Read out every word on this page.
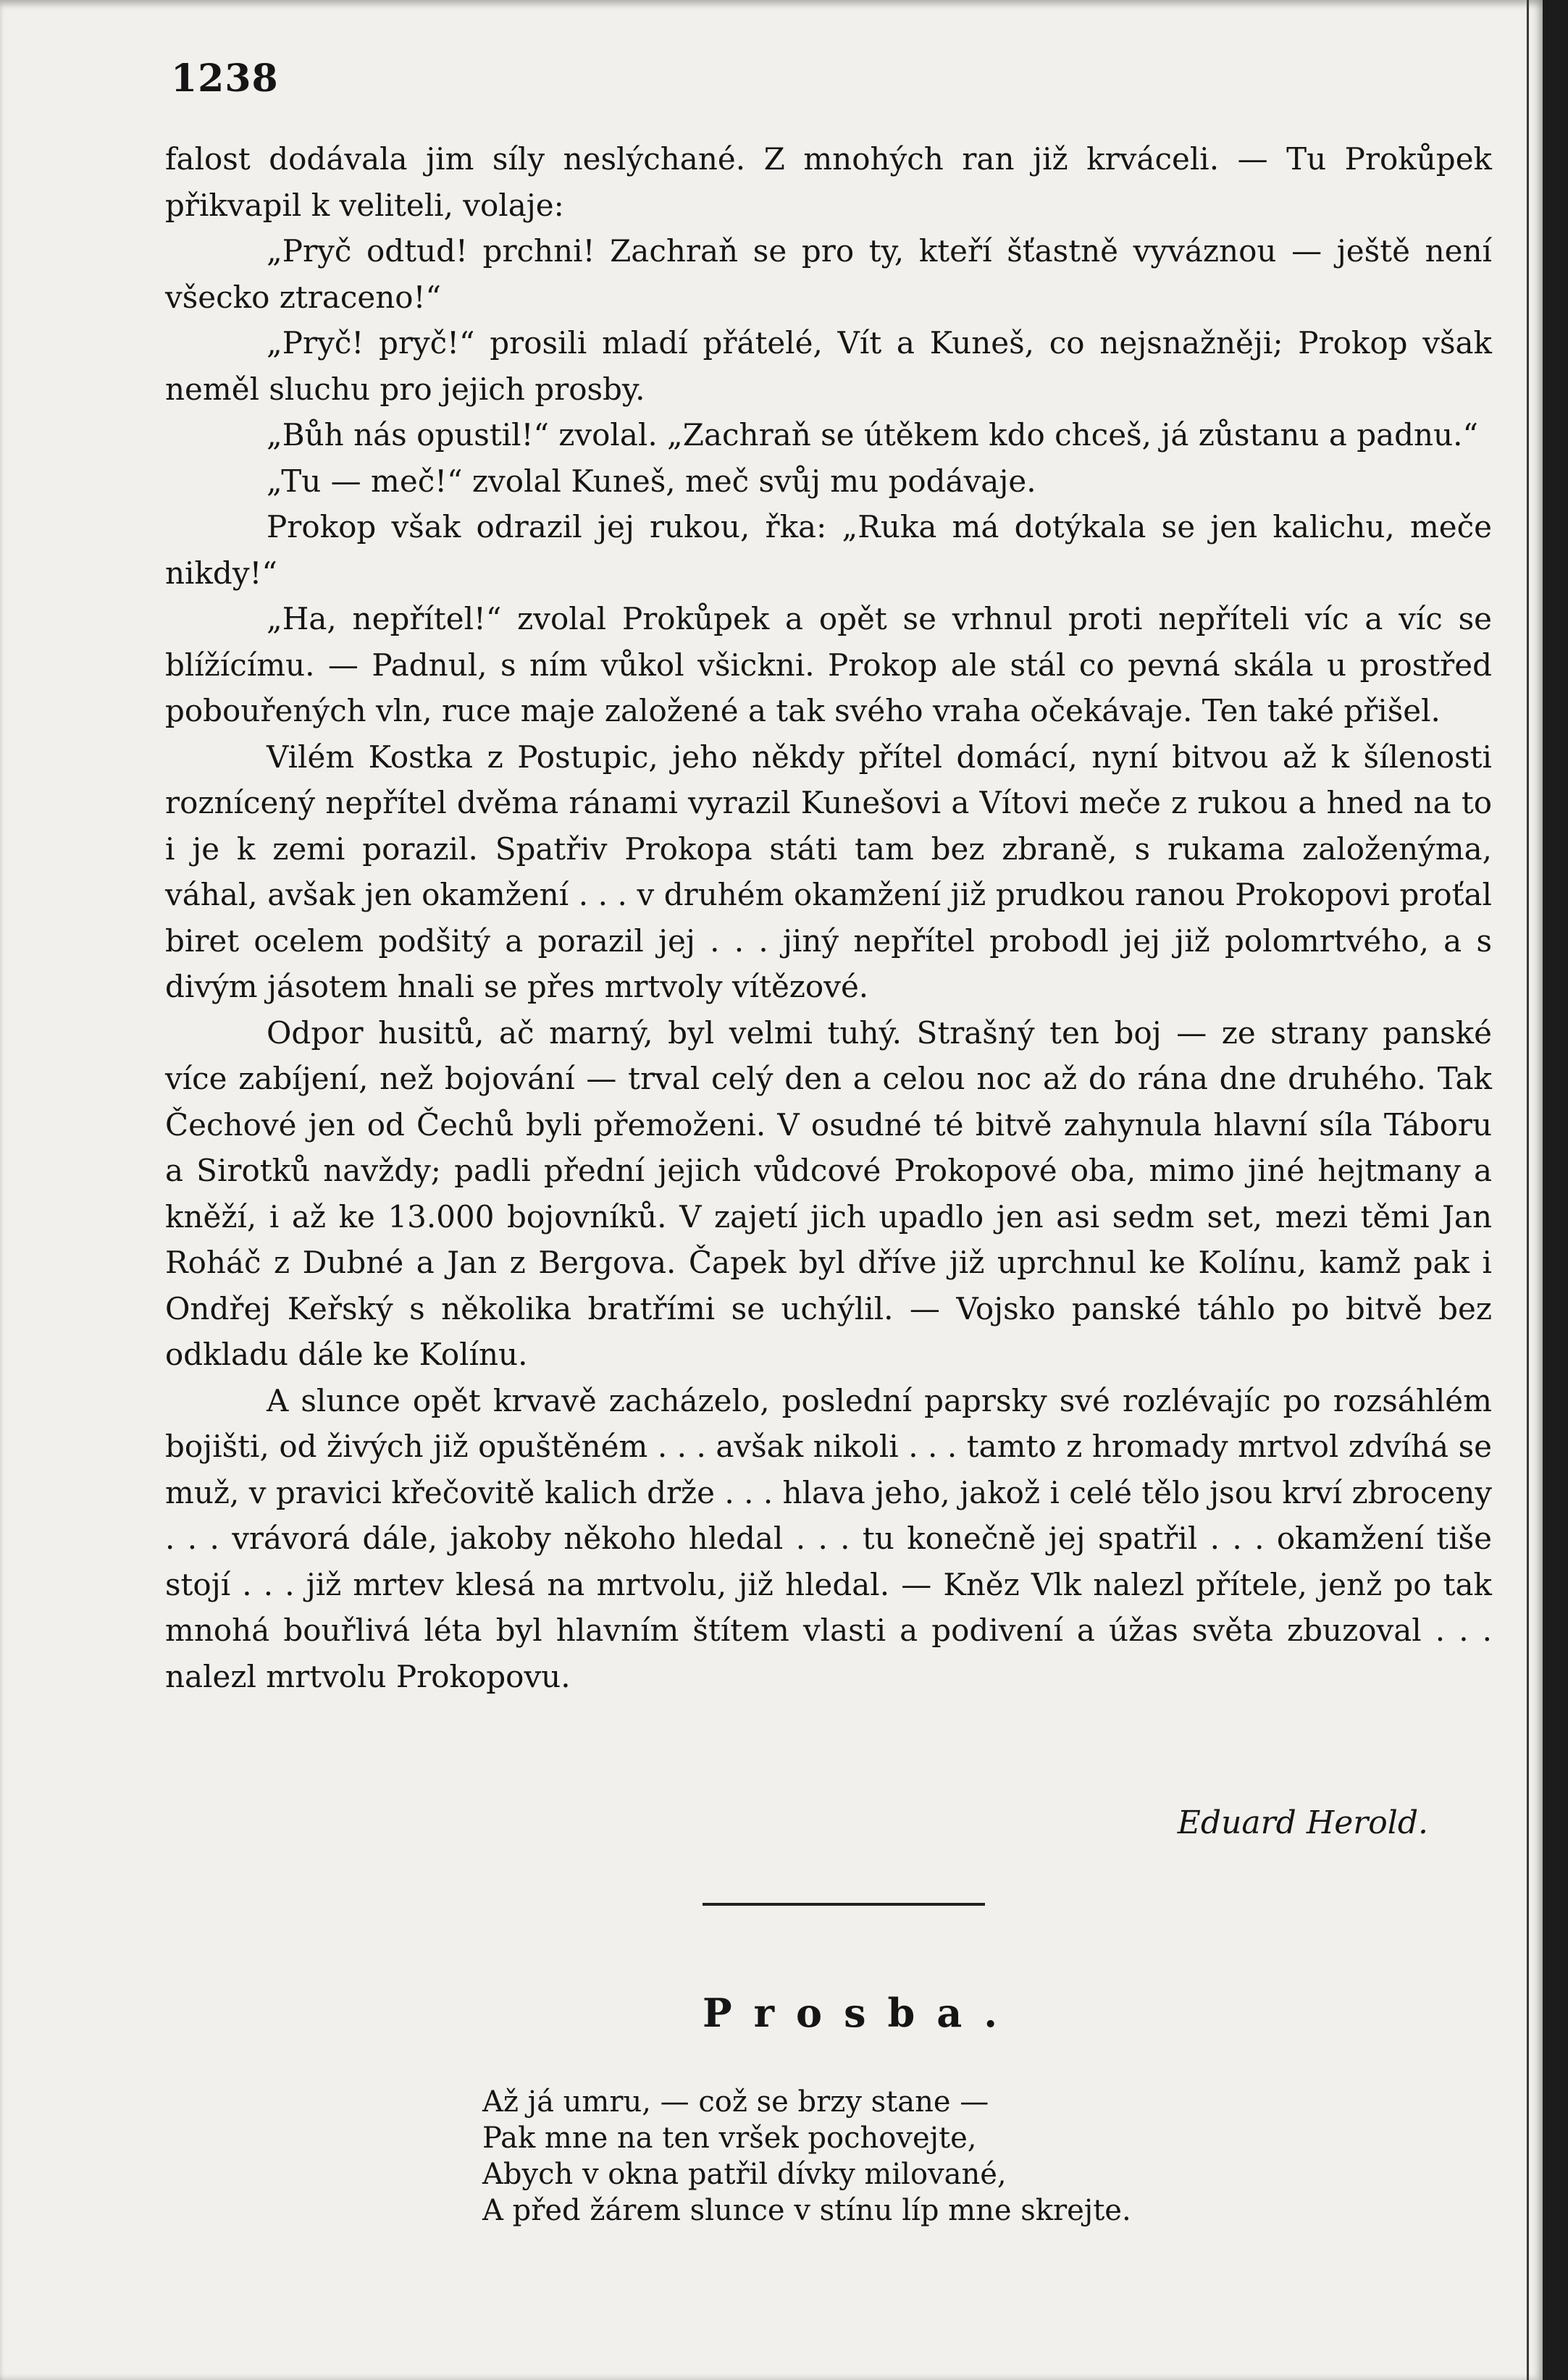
1238

falost dodávala jim síly neslýchané. Z mnohých ran již krváceli. — Tu Prokůpek přikvapil k veliteli, volaje:

„Pryč odtud! prchni! Zachraň se pro ty, kteří šťastně vyváznou — ještě není všecko ztraceno!“

„Pryč! pryč!“ prosili mladí přátelé, Vít a Kuneš, co nejsnažněji; Prokop však neměl sluchu pro jejich prosby.

„Bůh nás opustil!“ zvolal. „Zachraň se útěkem kdo chceš, já zůstanu a padnu.“

„Tu — meč!“ zvolal Kuneš, meč svůj mu podávaje.

Prokop však odrazil jej rukou, řka: „Ruka má dotýkala se jen kalichu, meče nikdy!“

„Ha, nepřítel!“ zvolal Prokůpek a opět se vrhnul proti nepříteli víc a víc se blížícímu. — Padnul, s ním vůkol všickni. Prokop ale stál co pevná skála u prostřed pobouřených vln, ruce maje založené a tak svého vraha očekávaje. Ten také přišel.

Vilém Kostka z Postupic, jeho někdy přítel domácí, nyní bitvou až k šílenosti roznícený nepřítel dvěma ránami vyrazil Kunešovi a Vítovi meče z rukou a hned na to i je k zemi porazil. Spatřiv Prokopa státi tam bez zbraně, s rukama založenýma, váhal, avšak jen okamžení . . . v druhém okamžení již prudkou ranou Prokopovi proťal biret ocelem podšitý a porazil jej . . . jiný nepřítel probodl jej již polomrtvého, a s divým jásotem hnali se přes mrtvoly vítězové.

Odpor husitů, ač marný, byl velmi tuhý. Strašný ten boj — ze strany panské více zabíjení, než bojování — trval celý den a celou noc až do rána dne druhého. Tak Čechové jen od Čechů byli přemoženi. V osudné té bitvě zahynula hlavní síla Táboru a Sirotků navždy; padli přední jejich vůdcové Prokopové oba, mimo jiné hejtmany a kněží, i až ke 13.000 bojovníků. V zajetí jich upadlo jen asi sedm set, mezi těmi Jan Roháč z Dubné a Jan z Bergova. Čapek byl dříve již uprchnul ke Kolínu, kamž pak i Ondřej Keřský s několika bratřími se uchýlil. — Vojsko panské táhlo po bitvě bez odkladu dále ke Kolínu.

A slunce opět krvavě zacházelo, poslední paprsky své rozlévajíc po rozsáhlém bojišti, od živých již opuštěném . . . avšak nikoli . . . tamto z hromady mrtvol zdvíhá se muž, v pravici křečovitě kalich drže . . . hlava jeho, jakož i celé tělo jsou krví zbroceny . . . vrávorá dále, jakoby někoho hledal . . . tu konečně jej spatřil . . . okamžení tiše stojí . . . již mrtev klesá na mrtvolu, již hledal. — Kněz Vlk nalezl přítele, jenž po tak mnohá bouřlivá léta byl hlavním štítem vlasti a podivení a úžas světa zbuzoval . . . nalezl mrtvolu Prokopovu.

Eduard Herold.
Prosba.
Až já umru, — což se brzy stane —
Pak mne na ten vršek pochovejte,
Abych v okna patřil dívky milované,
A před žárem slunce v stínu líp mne skrejte.
